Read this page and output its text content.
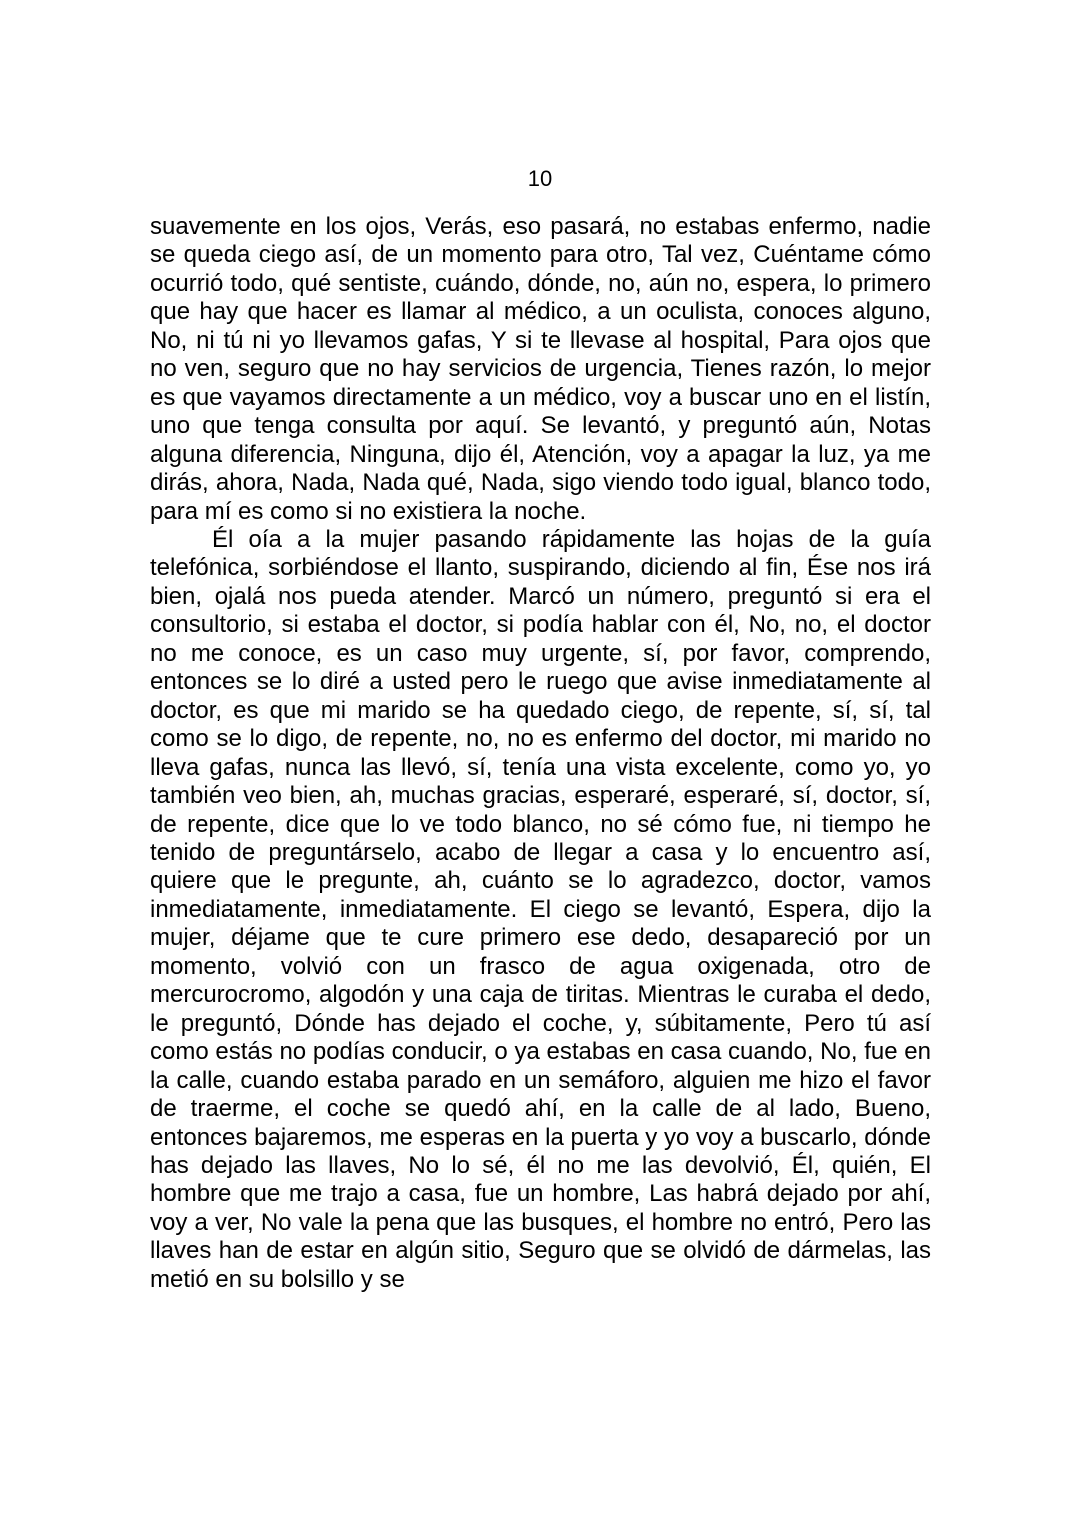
10

suavemente en los ojos, Verás, eso pasará, no estabas enfermo, nadie se queda ciego así, de un momento para otro, Tal vez, Cuéntame cómo ocurrió todo, qué sentiste, cuándo, dónde, no, aún no, espera, lo primero que hay que hacer es llamar al médico, a un oculista, conoces alguno, No, ni tú ni yo llevamos gafas, Y si te llevase al hospital, Para ojos que no ven, seguro que no hay servicios de urgencia, Tienes razón, lo mejor es que vayamos directamente a un médico, voy a buscar uno en el listín, uno que tenga consulta por aquí. Se levantó, y preguntó aún, Notas alguna diferencia, Ninguna, dijo él, Atención, voy a apagar la luz, ya me dirás, ahora, Nada, Nada qué, Nada, sigo viendo todo igual, blanco todo, para mí es como si no existiera la noche.

Él oía a la mujer pasando rápidamente las hojas de la guía telefónica, sorbiéndose el llanto, suspirando, diciendo al fin, Ése nos irá bien, ojalá nos pueda atender. Marcó un número, preguntó si era el consultorio, si estaba el doctor, si podía hablar con él, No, no, el doctor no me conoce, es un caso muy urgente, sí, por favor, comprendo, entonces se lo diré a usted pero le ruego que avise inmediatamente al doctor, es que mi marido se ha quedado ciego, de repente, sí, sí, tal como se lo digo, de repente, no, no es enfermo del doctor, mi marido no lleva gafas, nunca las llevó, sí, tenía una vista excelente, como yo, yo también veo bien, ah, muchas gracias, esperaré, esperaré, sí, doctor, sí, de repente, dice que lo ve todo blanco, no sé cómo fue, ni tiempo he tenido de preguntárselo, acabo de llegar a casa y lo encuentro así, quiere que le pregunte, ah, cuánto se lo agradezco, doctor, vamos inmediatamente, inmediatamente. El ciego se levantó, Espera, dijo la mujer, déjame que te cure primero ese dedo, desapareció por un momento, volvió con un frasco de agua oxigenada, otro de mercurocromo, algodón y una caja de tiritas. Mientras le curaba el dedo, le preguntó, Dónde has dejado el coche, y, súbitamente, Pero tú así como estás no podías conducir, o ya estabas en casa cuando, No, fue en la calle, cuando estaba parado en un semáforo, alguien me hizo el favor de traerme, el coche se quedó ahí, en la calle de al lado, Bueno, entonces bajaremos, me esperas en la puerta y yo voy a buscarlo, dónde has dejado las llaves, No lo sé, él no me las devolvió, Él, quién, El hombre que me trajo a casa, fue un hombre, Las habrá dejado por ahí, voy a ver, No vale la pena que las busques, el hombre no entró, Pero las llaves han de estar en algún sitio, Seguro que se olvidó de dármelas, las metió en su bolsillo y se
